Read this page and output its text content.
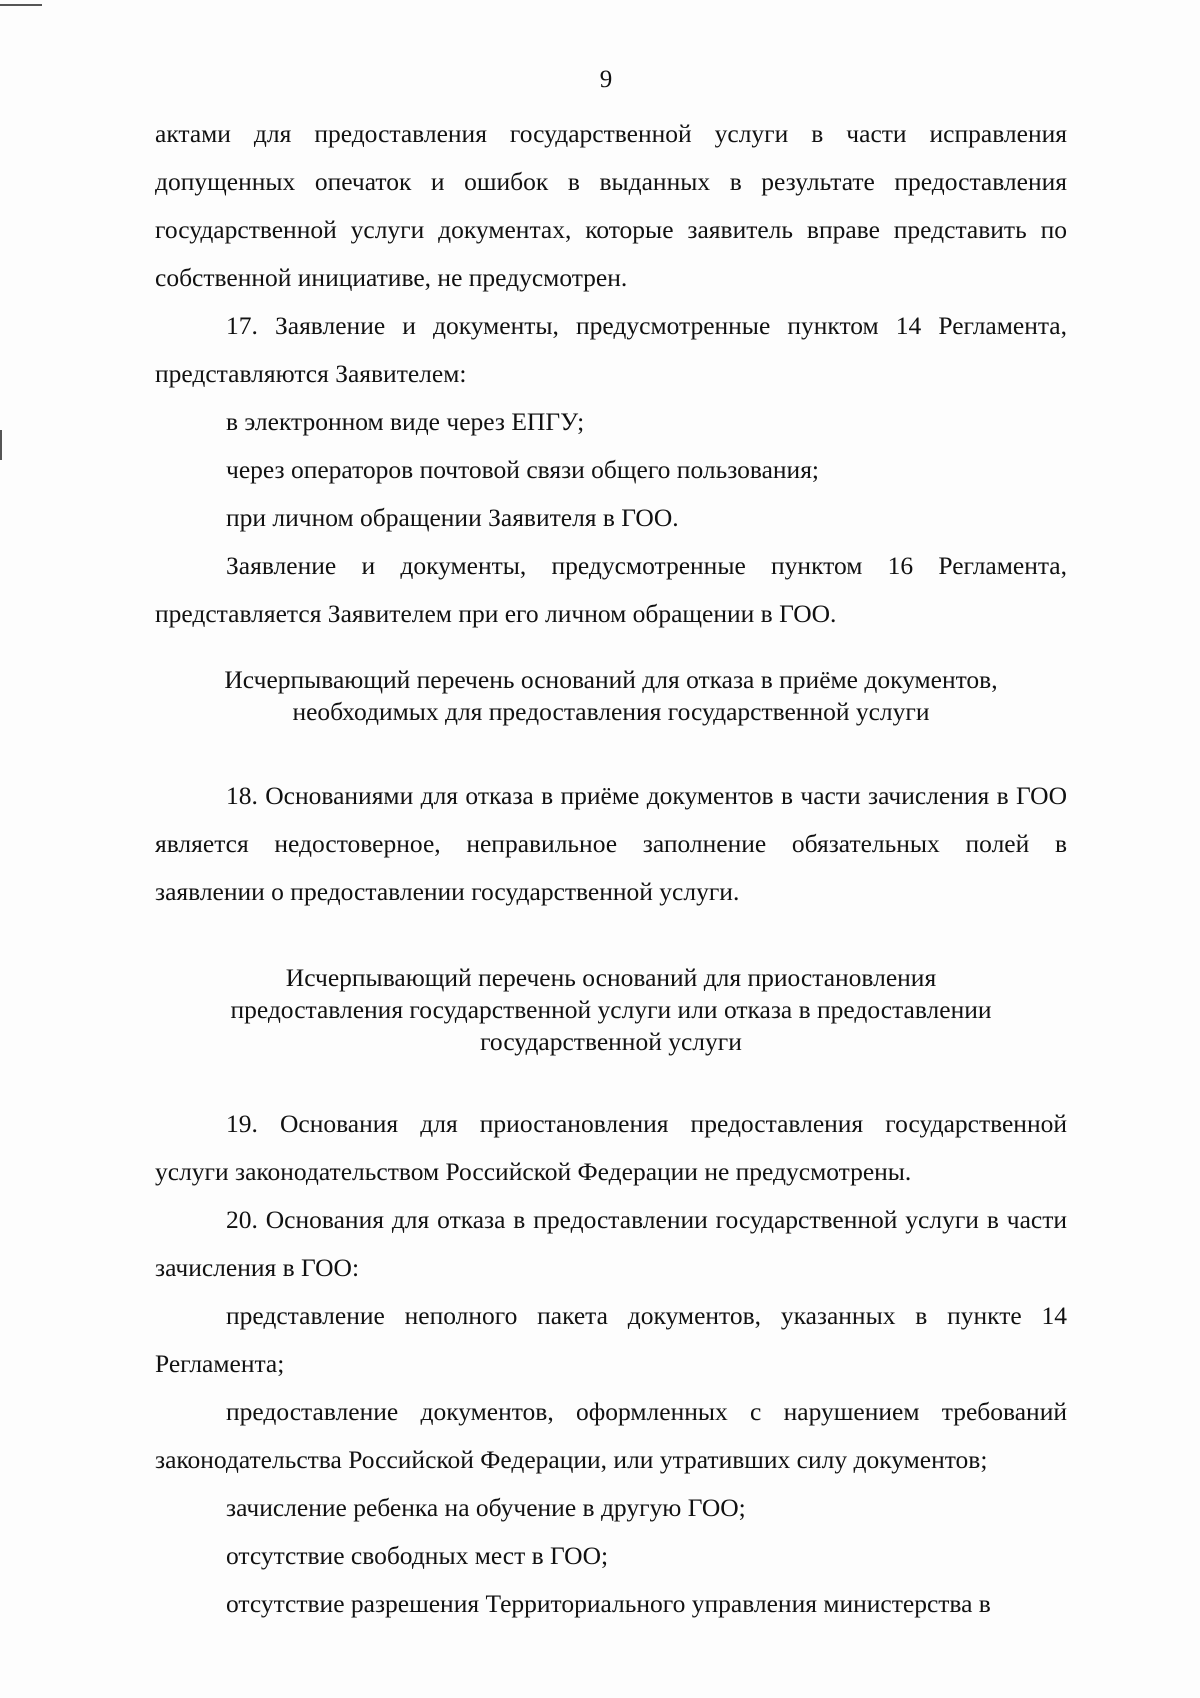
9

актами для предоставления государственной услуги в части исправления допущенных опечаток и ошибок в выданных в результате предоставления государственной услуги документах, которые заявитель вправе представить по собственной инициативе, не предусмотрен.

17. Заявление и документы, предусмотренные пунктом 14 Регламента, представляются Заявителем:

в электронном виде через ЕПГУ;

через операторов почтовой связи общего пользования;

при личном обращении Заявителя в ГОО.

Заявление и документы, предусмотренные пунктом 16 Регламента, представляется Заявителем при его личном обращении в ГОО.

Исчерпывающий перечень оснований для отказа в приёме документов,
необходимых для предоставления государственной услуги

18. Основаниями для отказа в приёме документов в части зачисления в ГОО является недостоверное, неправильное заполнение обязательных полей в заявлении о предоставлении государственной услуги.

Исчерпывающий перечень оснований для приостановления
предоставления государственной услуги или отказа в предоставлении
государственной услуги

19. Основания для приостановления предоставления государственной услуги законодательством Российской Федерации не предусмотрены.

20. Основания для отказа в предоставлении государственной услуги в части зачисления в ГОО:

представление неполного пакета документов, указанных в пункте 14 Регламента;

предоставление документов, оформленных с нарушением требований законодательства Российской Федерации, или утративших силу документов;

зачисление ребенка на обучение в другую ГОО;

отсутствие свободных мест в ГОО;

отсутствие разрешения Территориального управления министерства в
